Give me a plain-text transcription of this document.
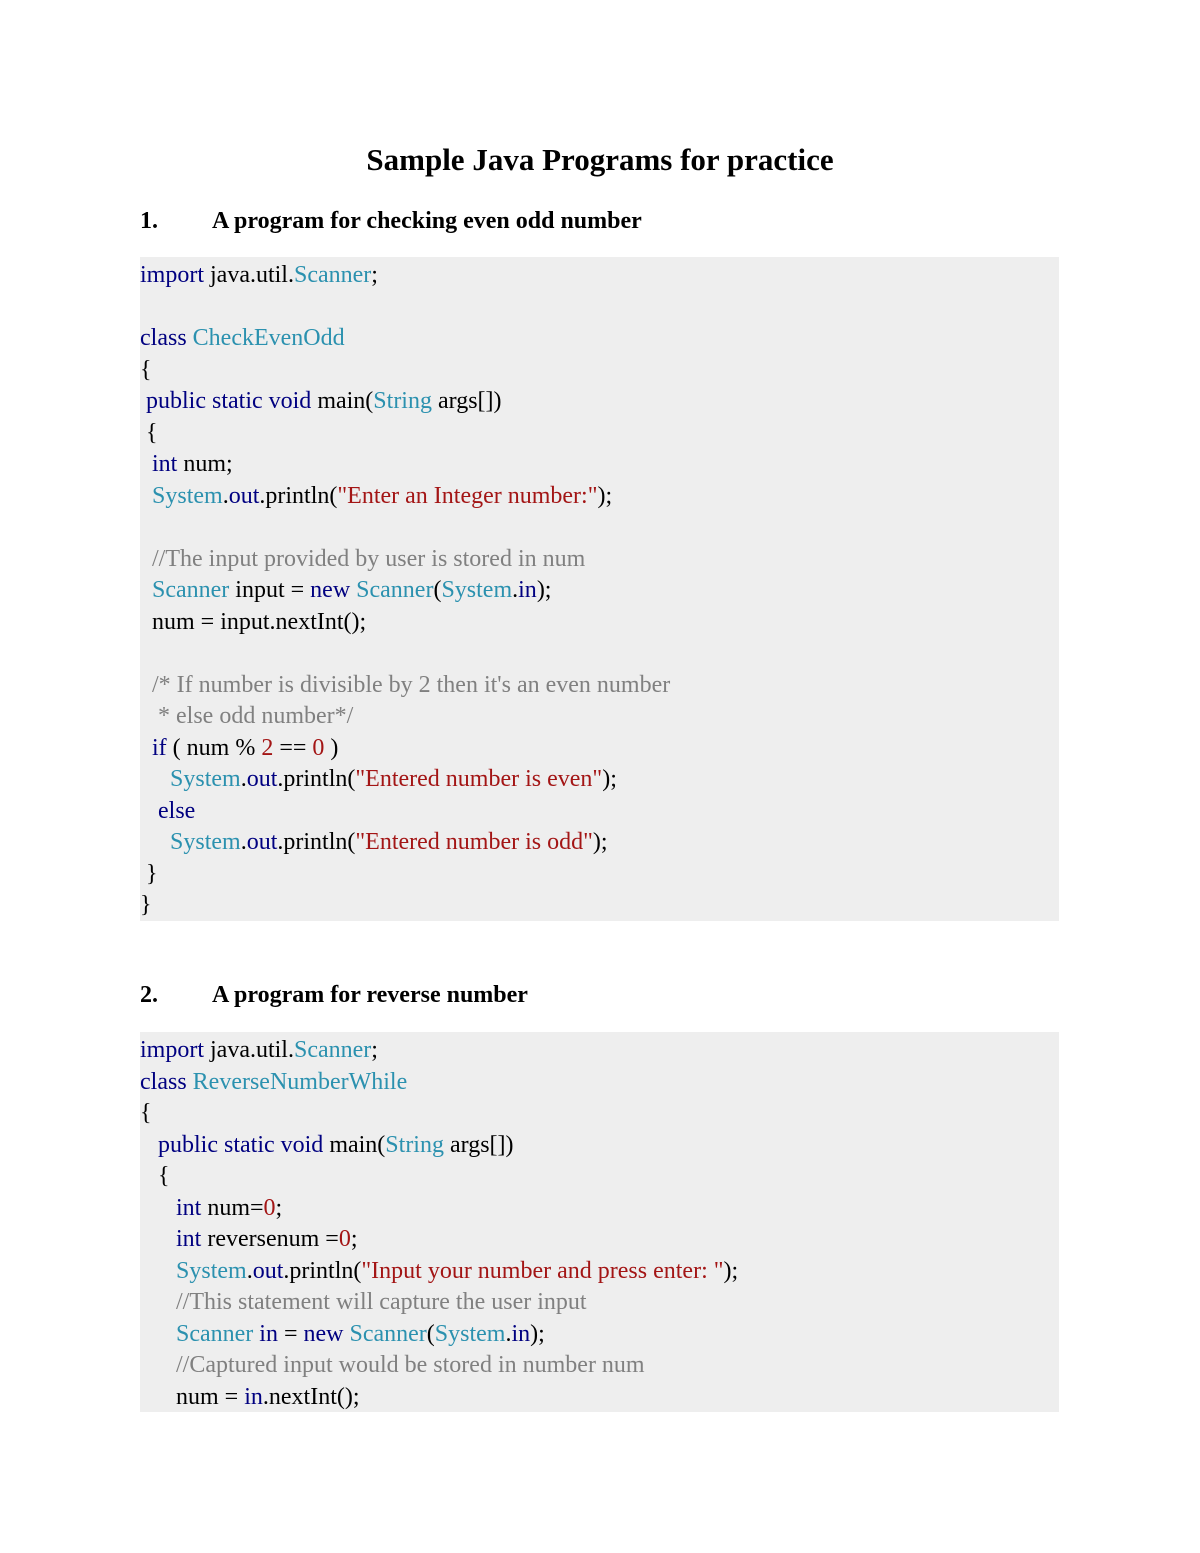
Sample Java Programs for practice
1. A program for checking even odd number
import java.util.Scanner;

class CheckEvenOdd
{
public static void main(String args[])
{
int num;
System.out.println("Enter an Integer number:");

//The input provided by user is stored in num
Scanner input = new Scanner(System.in);
num = input.nextInt();

/* If number is divisible by 2 then it's an even number
* else odd number*/
if ( num % 2 == 0 )
System.out.println("Entered number is even");
else
System.out.println("Entered number is odd");
}
}
2. A program for reverse number
import java.util.Scanner;
class ReverseNumberWhile
{
public static void main(String args[])
{
int num=0;
int reversenum =0;
System.out.println("Input your number and press enter: ");
//This statement will capture the user input
Scanner in = new Scanner(System.in);
//Captured input would be stored in number num
num = in.nextInt();
